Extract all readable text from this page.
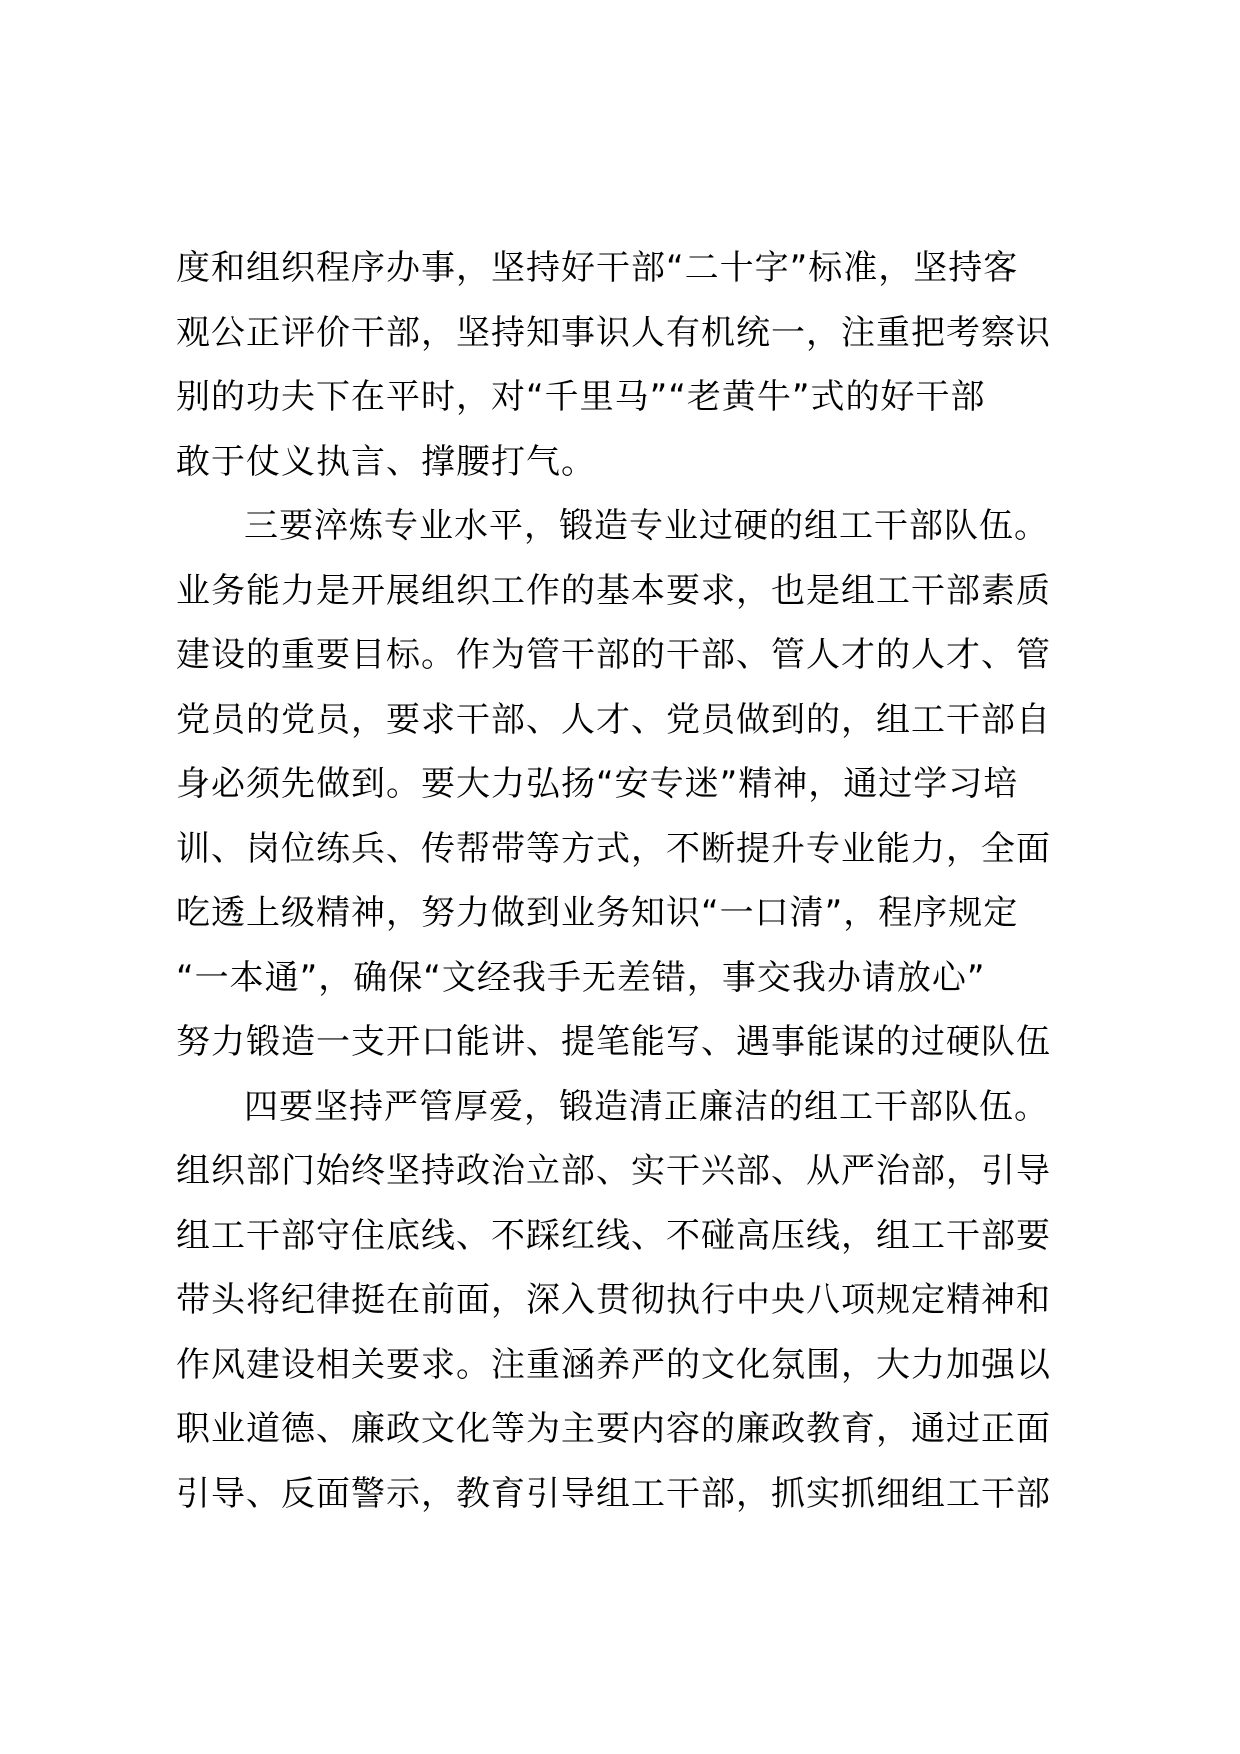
度和组织程序办事，坚持好干部“二十字”标准，坚持客
观公正评价干部，坚持知事识人有机统一，注重把考察识
别的功夫下在平时，对“千里马”“老黄牛”式的好干部
敢于仗义执言、撑腰打气。
三要淬炼专业水平，锻造专业过硬的组工干部队伍。
业务能力是开展组织工作的基本要求，也是组工干部素质
建设的重要目标。作为管干部的干部、管人才的人才、管
党员的党员，要求干部、人才、党员做到的，组工干部自
身必须先做到。要大力弘扬“安专迷”精神，通过学习培
训、岗位练兵、传帮带等方式，不断提升专业能力，全面
吃透上级精神，努力做到业务知识“一口清”，程序规定
“一本通”，确保“文经我手无差错，事交我办请放心”
努力锻造一支开口能讲、提笔能写、遇事能谋的过硬队伍
四要坚持严管厚爱，锻造清正廉洁的组工干部队伍。
组织部门始终坚持政治立部、实干兴部、从严治部，引导
组工干部守住底线、不踩红线、不碰高压线，组工干部要
带头将纪律挺在前面，深入贯彻执行中央八项规定精神和
作风建设相关要求。注重涵养严的文化氛围，大力加强以
职业道德、廉政文化等为主要内容的廉政教育，通过正面
引导、反面警示，教育引导组工干部，抓实抓细组工干部
